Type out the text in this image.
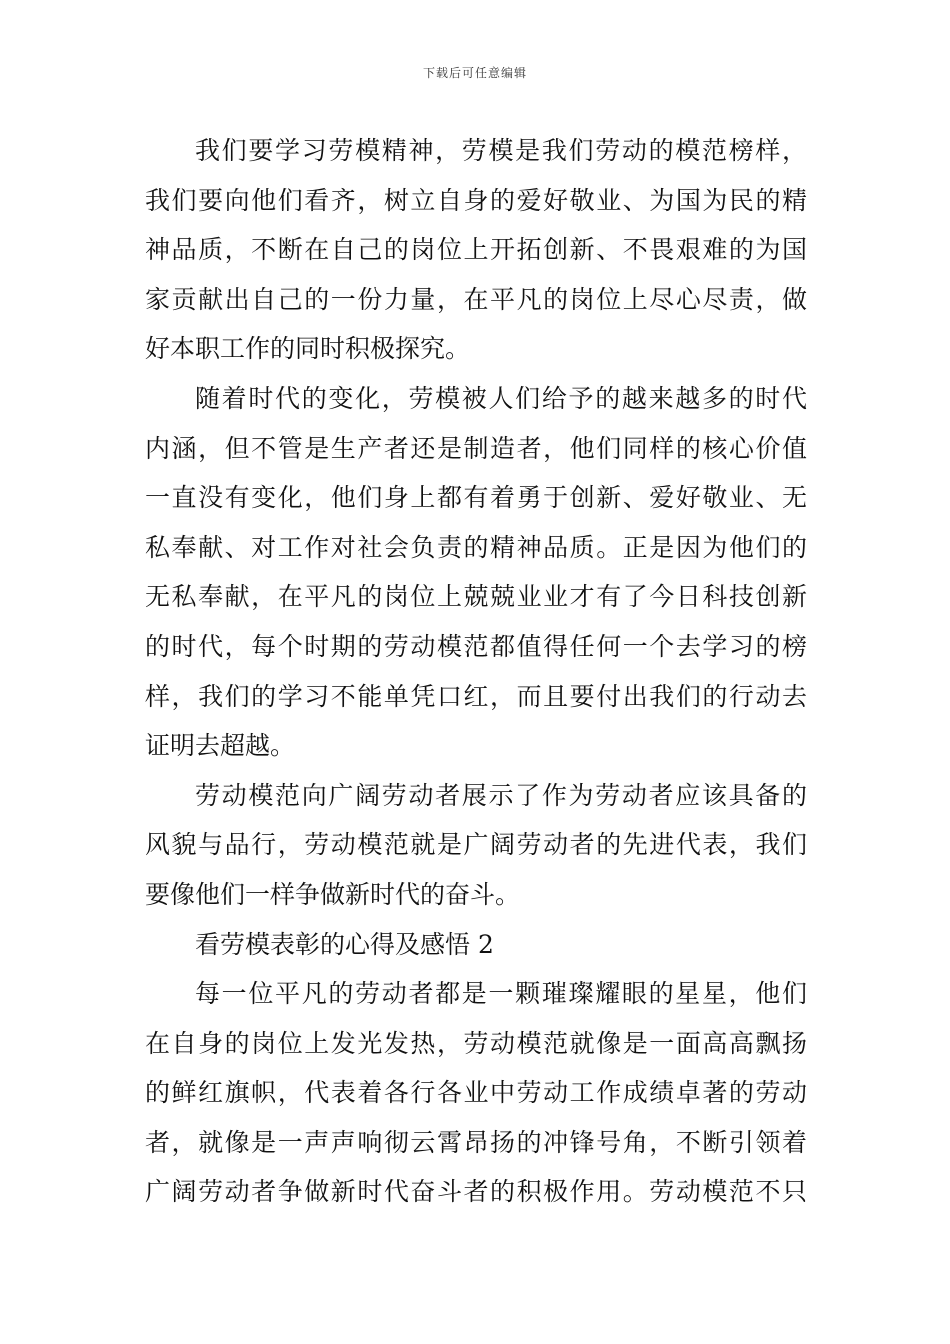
下载后可任意编辑
我们要学习劳模精神，劳模是我们劳动的模范榜样，
我们要向他们看齐，树立自身的爱好敬业、为国为民的精
神品质，不断在自己的岗位上开拓创新、不畏艰难的为国
家贡献出自己的一份力量，在平凡的岗位上尽心尽责，做
好本职工作的同时积极探究。
随着时代的变化，劳模被人们给予的越来越多的时代
内涵，但不管是生产者还是制造者，他们同样的核心价值
一直没有变化，他们身上都有着勇于创新、爱好敬业、无
私奉献、对工作对社会负责的精神品质。正是因为他们的
无私奉献，在平凡的岗位上兢兢业业才有了今日科技创新
的时代，每个时期的劳动模范都值得任何一个去学习的榜
样，我们的学习不能单凭口红，而且要付出我们的行动去
证明去超越。
劳动模范向广阔劳动者展示了作为劳动者应该具备的
风貌与品行，劳动模范就是广阔劳动者的先进代表，我们
要像他们一样争做新时代的奋斗。
看劳模表彰的心得及感悟 2
每一位平凡的劳动者都是一颗璀璨耀眼的星星，他们
在自身的岗位上发光发热，劳动模范就像是一面高高飘扬
的鲜红旗帜，代表着各行各业中劳动工作成绩卓著的劳动
者，就像是一声声响彻云霄昂扬的冲锋号角，不断引领着
广阔劳动者争做新时代奋斗者的积极作用。劳动模范不只
